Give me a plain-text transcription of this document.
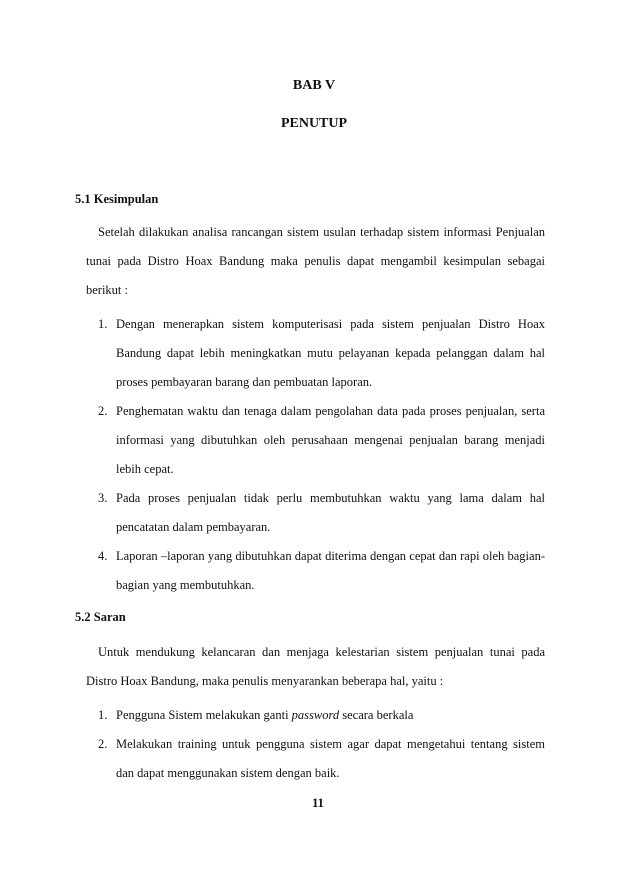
BAB V
PENUTUP
5.1 Kesimpulan
Setelah dilakukan analisa rancangan sistem usulan terhadap sistem informasi Penjualan tunai pada Distro Hoax Bandung maka penulis dapat mengambil kesimpulan sebagai berikut :
1. Dengan menerapkan sistem komputerisasi pada sistem penjualan Distro Hoax Bandung dapat lebih meningkatkan mutu pelayanan kepada pelanggan dalam hal proses pembayaran barang dan pembuatan laporan.
2. Penghematan waktu dan tenaga dalam pengolahan data pada proses penjualan, serta informasi yang dibutuhkan oleh perusahaan mengenai penjualan barang menjadi lebih cepat.
3. Pada proses penjualan tidak perlu membutuhkan waktu yang lama dalam hal pencatatan dalam pembayaran.
4. Laporan –laporan yang dibutuhkan dapat diterima dengan cepat dan rapi oleh bagian-bagian yang membutuhkan.
5.2 Saran
Untuk mendukung kelancaran dan menjaga kelestarian sistem penjualan tunai pada Distro Hoax Bandung, maka penulis menyarankan beberapa hal, yaitu :
1. Pengguna Sistem melakukan ganti password secara berkala
2. Melakukan training untuk pengguna sistem agar dapat mengetahui tentang sistem dan dapat menggunakan sistem dengan baik.
11
